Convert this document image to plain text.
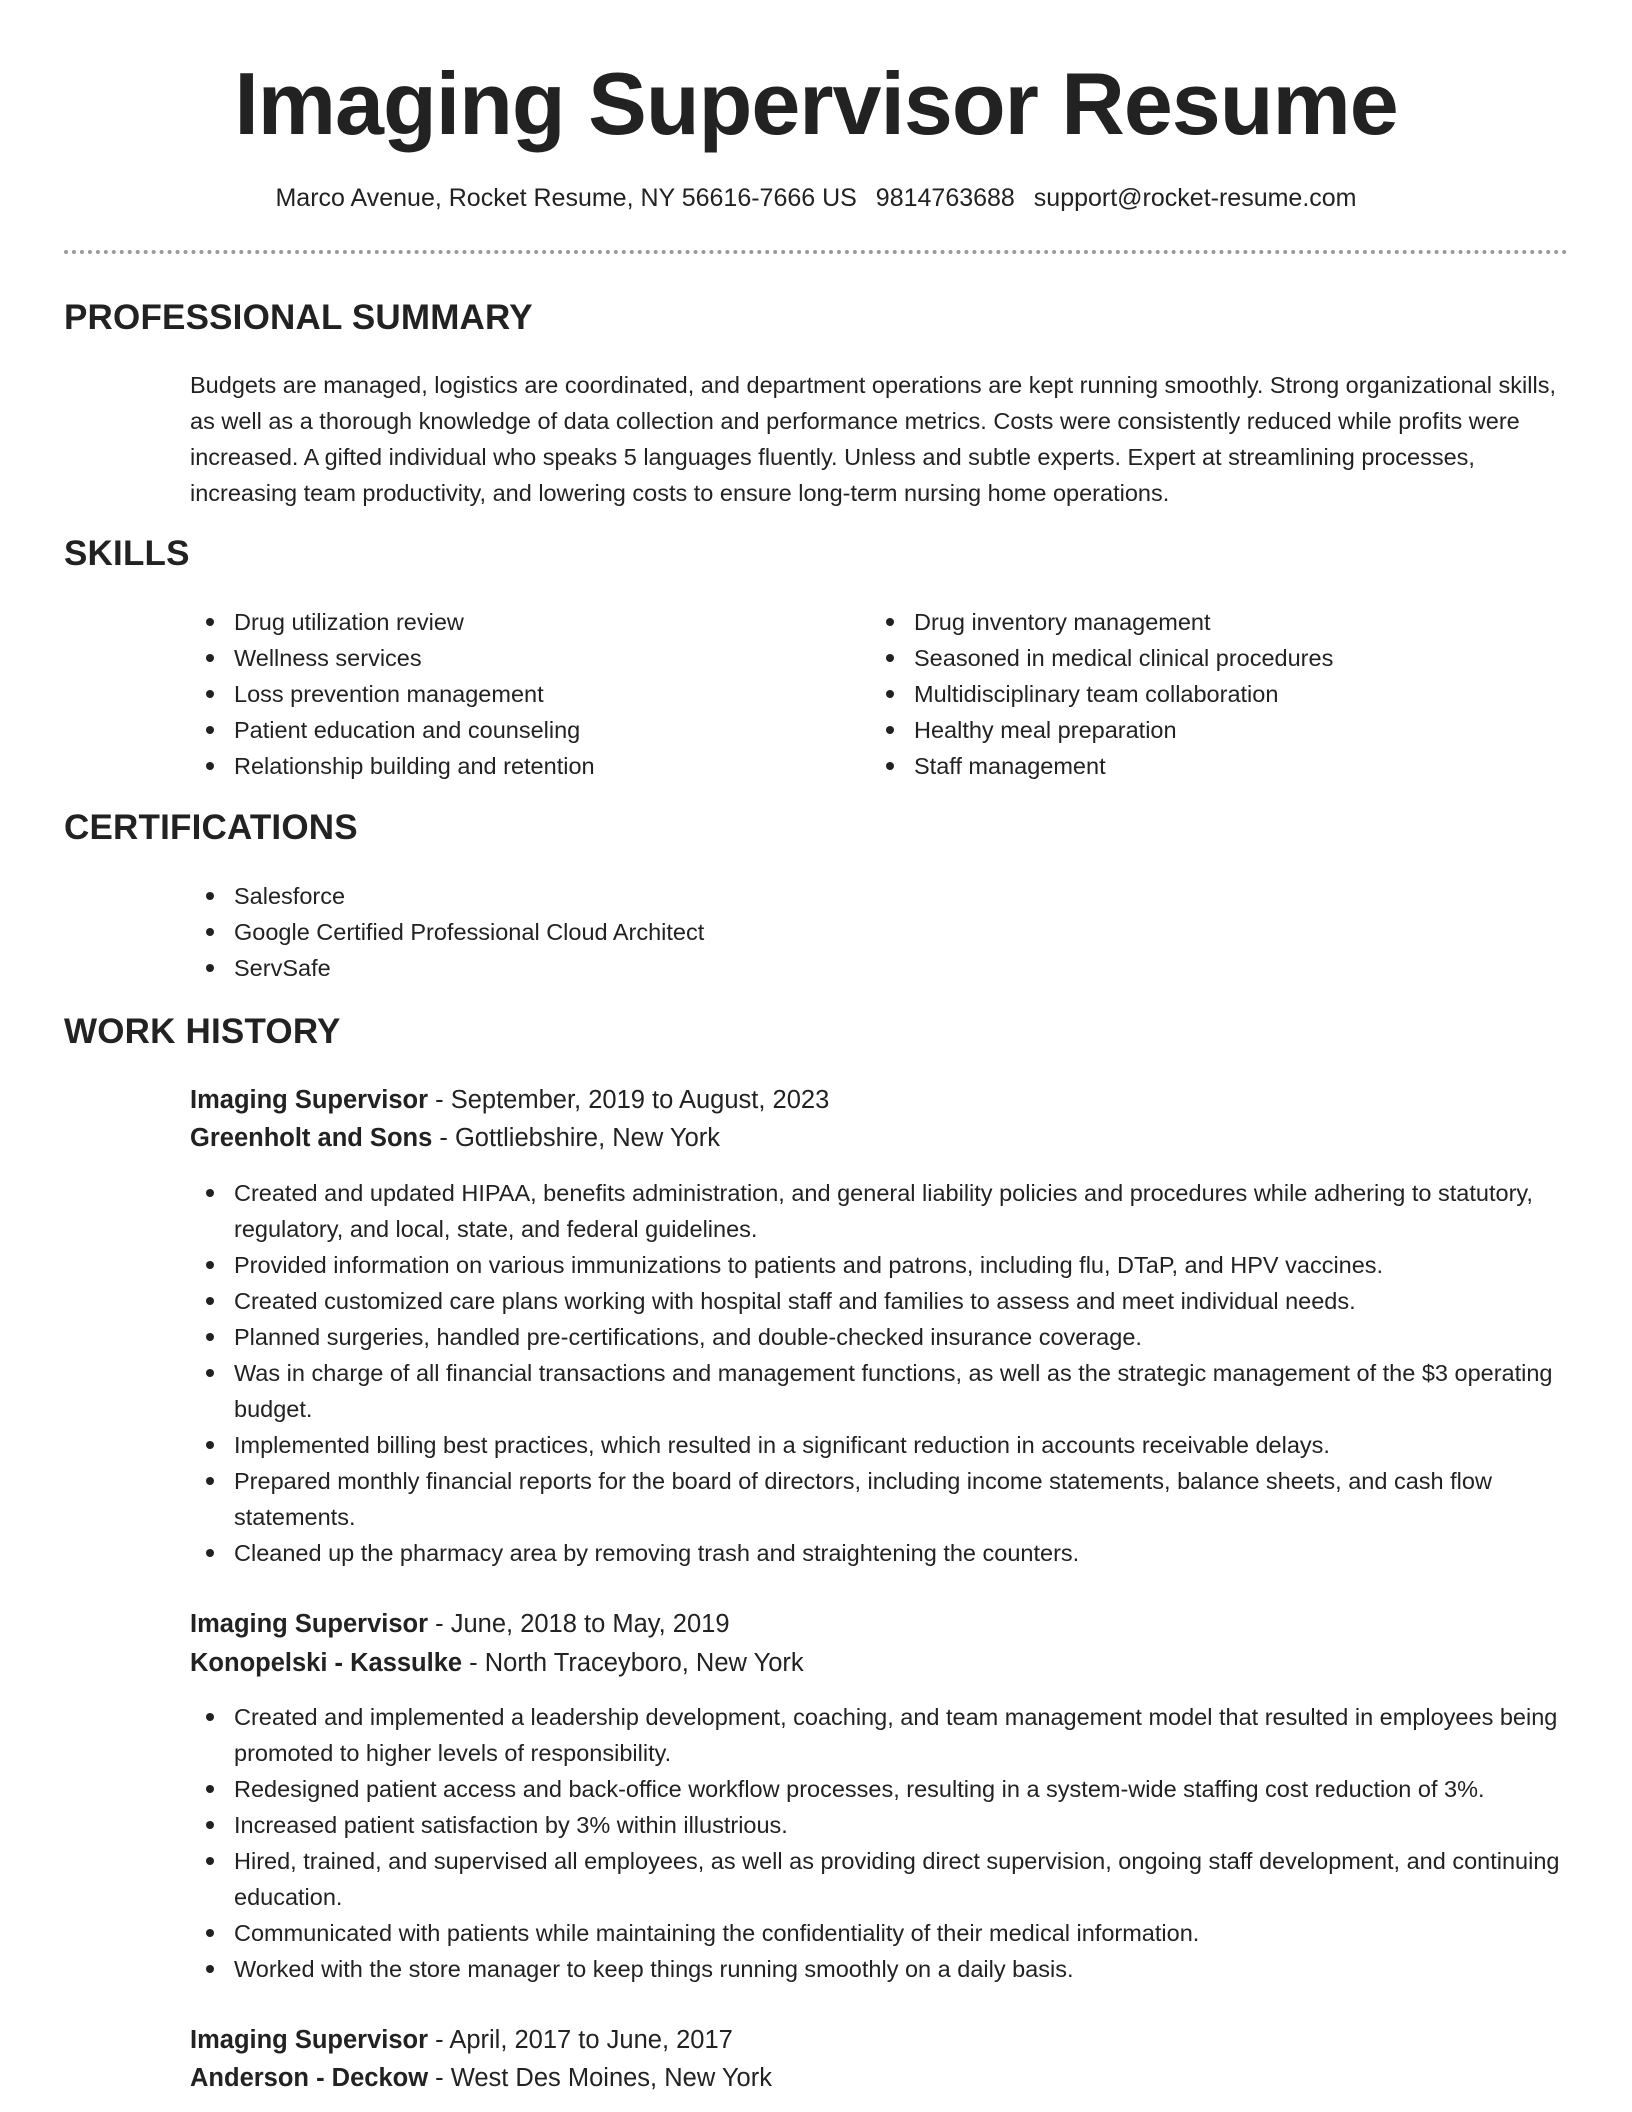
Imaging Supervisor Resume
Marco Avenue, Rocket Resume, NY 56616-7666 US 9814763688 support@rocket-resume.com
PROFESSIONAL SUMMARY
Budgets are managed, logistics are coordinated, and department operations are kept running smoothly. Strong organizational skills, as well as a thorough knowledge of data collection and performance metrics. Costs were consistently reduced while profits were increased. A gifted individual who speaks 5 languages fluently. Unless and subtle experts. Expert at streamlining processes, increasing team productivity, and lowering costs to ensure long-term nursing home operations.
SKILLS
Drug utilization review
Wellness services
Loss prevention management
Patient education and counseling
Relationship building and retention
Drug inventory management
Seasoned in medical clinical procedures
Multidisciplinary team collaboration
Healthy meal preparation
Staff management
CERTIFICATIONS
Salesforce
Google Certified Professional Cloud Architect
ServSafe
WORK HISTORY
Imaging Supervisor - September, 2019 to August, 2023
Greenholt and Sons - Gottliebshire, New York
Created and updated HIPAA, benefits administration, and general liability policies and procedures while adhering to statutory, regulatory, and local, state, and federal guidelines.
Provided information on various immunizations to patients and patrons, including flu, DTaP, and HPV vaccines.
Created customized care plans working with hospital staff and families to assess and meet individual needs.
Planned surgeries, handled pre-certifications, and double-checked insurance coverage.
Was in charge of all financial transactions and management functions, as well as the strategic management of the $3 operating budget.
Implemented billing best practices, which resulted in a significant reduction in accounts receivable delays.
Prepared monthly financial reports for the board of directors, including income statements, balance sheets, and cash flow statements.
Cleaned up the pharmacy area by removing trash and straightening the counters.
Imaging Supervisor - June, 2018 to May, 2019
Konopelski - Kassulke - North Traceyboro, New York
Created and implemented a leadership development, coaching, and team management model that resulted in employees being promoted to higher levels of responsibility.
Redesigned patient access and back-office workflow processes, resulting in a system-wide staffing cost reduction of 3%.
Increased patient satisfaction by 3% within illustrious.
Hired, trained, and supervised all employees, as well as providing direct supervision, ongoing staff development, and continuing education.
Communicated with patients while maintaining the confidentiality of their medical information.
Worked with the store manager to keep things running smoothly on a daily basis.
Imaging Supervisor - April, 2017 to June, 2017
Anderson - Deckow - West Des Moines, New York
